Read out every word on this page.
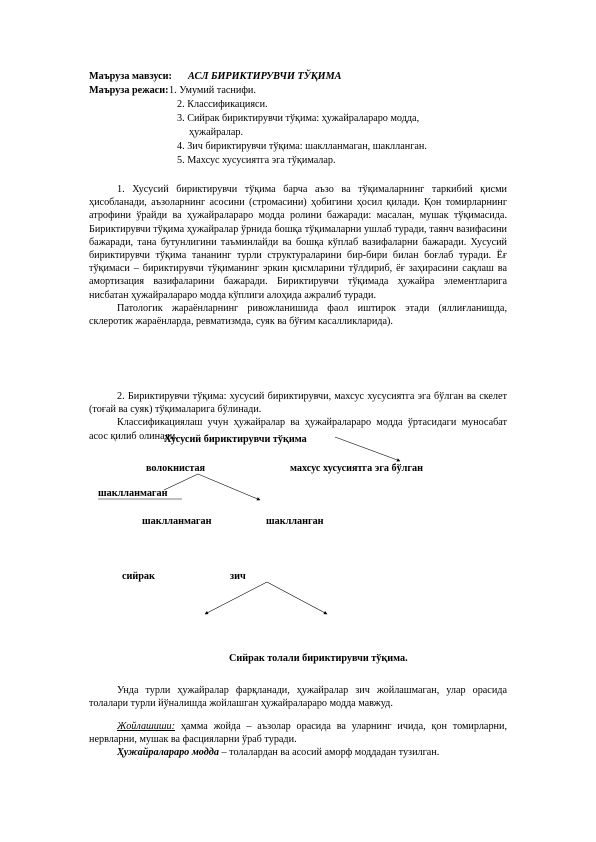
Маъруза мавзуси: АСЛ БИРИКТИРУВЧИ ТЎҚИМА
Маъруза режаси: 1. Умумий таснифи.
2. Классификацияси.
3. Сийрак бириктирувчи тўқима: ҳужайралараро модда,
ҳужайралар.
4. Зич бириктирувчи тўқима: шаклланмаган, шаклланган.
5. Махсус хусусиятга эга тўқималар.

1. Хусусий бириктирувчи тўқима барча аъзо ва тўқималарнинг таркибий қисми ҳисобланади, аъзоларнинг асосини (стромасини) ҳобигини ҳосил қилади. Қон томирларнинг атрофини ўрайди ва ҳужайралараро модда ролини бажаради: масалан, мушак тўқимасида. Бириктирувчи тўқима ҳужайралар ўрнида бошқа тўқималарни ушлаб туради, таянч вазифасини бажаради, тана бутунлигини таъминлайди ва бошқа кўплаб вазифаларни бажаради. Хусусий бириктирувчи тўқима тананинг турли структураларини бир-бири билан боғлаб туради. Ёғ тўқимаси – бириктирувчи тўқиманинг эркин қисмларини тўлдириб, ёғ заҳирасини сақлаш ва амортизация вазифаларини бажаради. Бириктирувчи тўқимада ҳужайра элементларига нисбатан ҳужайралараро модда кўплиги алоҳида ажралиб туради.

Патологик жараёнларнинг ривожланишида фаол иштирок этади (яллиғланишда, склеротик жараёнларда, ревматизмда, суяк ва бўғим касалликларида).

2. Бириктирувчи тўқима: хусусий бириктирувчи, махсус хусусиятга эга бўлган ва скелет (тоғай ва суяк) тўқималарига бўлинади.

Классификациялаш учун ҳужайралар ва ҳужайралараро модда ўртасидаги муносабат асос қилиб олинади.

Хусусий бириктирувчи тўқима
волокнистая	махсус хусусиятга эга бўлган
шаклланмаган
шаклланмаган	шаклланган
сийрак	зич
Сийрак толали бириктирувчи тўқима.

Унда турли ҳужайралар фарқланади, ҳужайралар зич жойлашмаган, улар орасида толалари турли йўналишда жойлашган ҳужайралараро модда мавжуд.

Жойлашиши: ҳамма жойда – аъзолар орасида ва уларнинг ичида, қон томирларни, нервларни, мушак ва фасцияларни ўраб туради.

Ҳужайралараро модда – толалардан ва асосий аморф моддадан тузилган.
